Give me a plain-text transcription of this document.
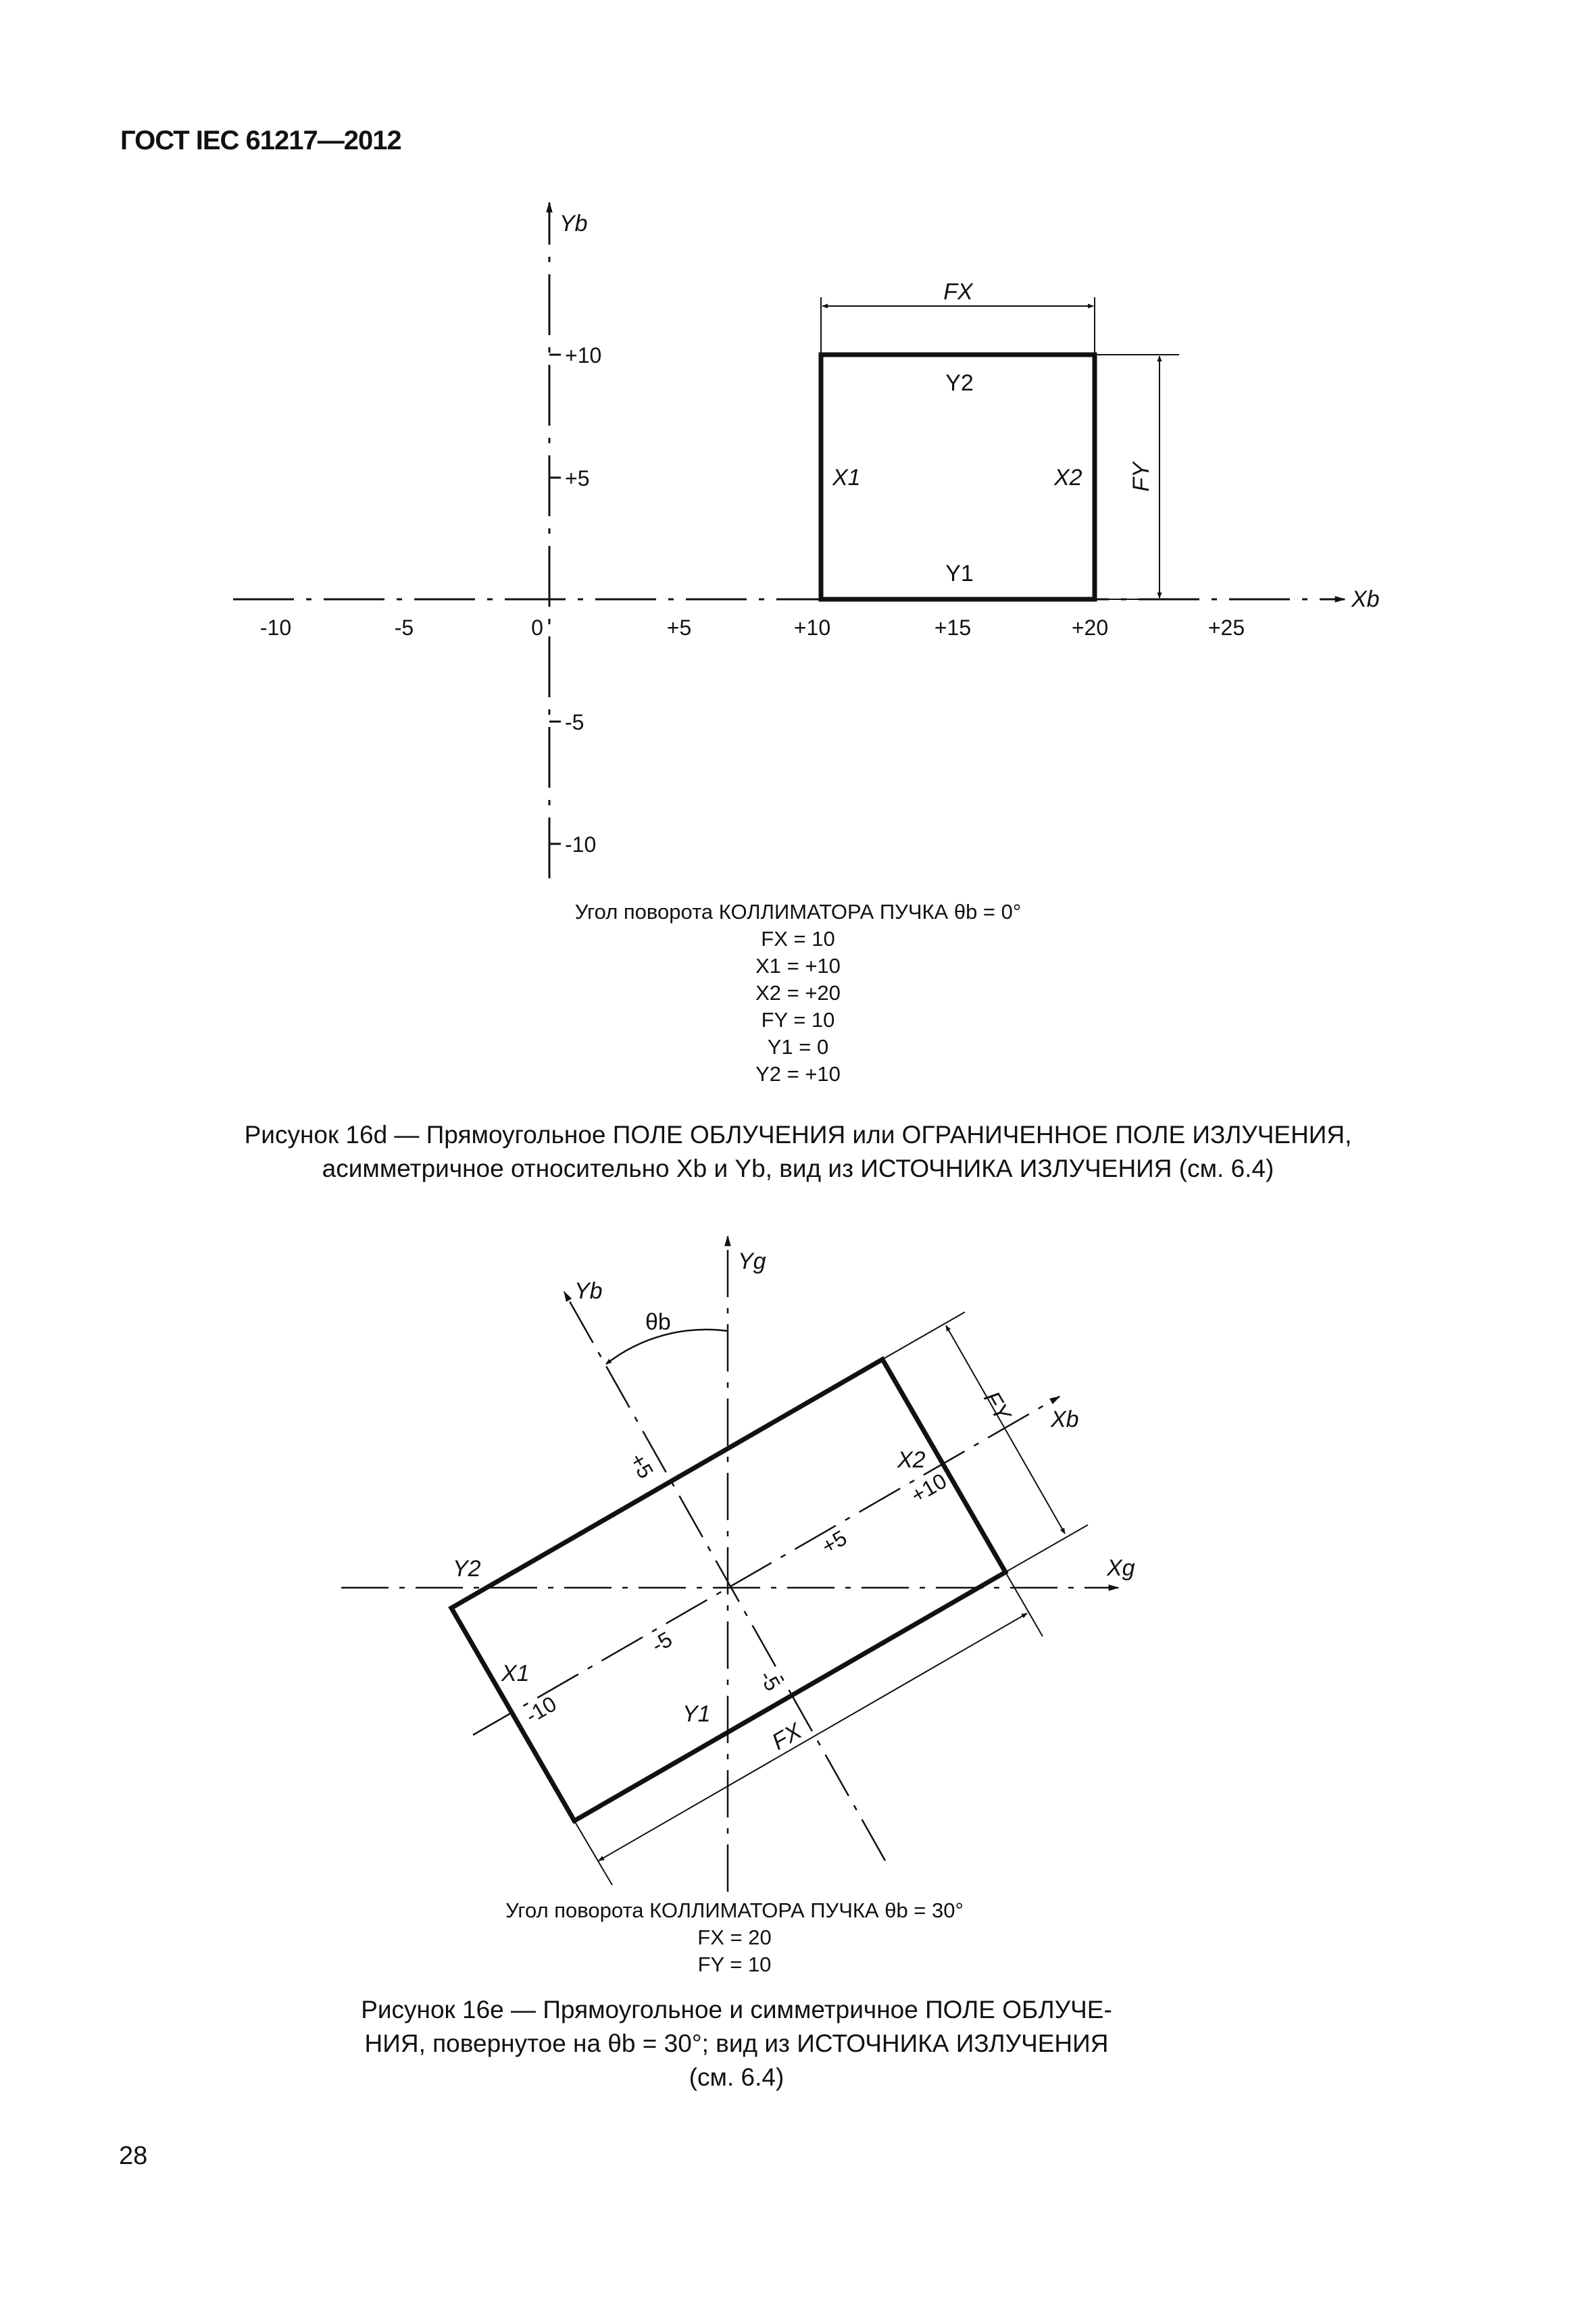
ГОСТ IEC 61217—2012
Yb
Xb
+10
+5
-5
-10
-10	-5	0	+5	+10	+15	+20	+25
FX
FY
Y2
Y1
X1	X2
Yg
Xg
Yb
Xb
θb
FY
FX
Y2
X2
X1
Y1
+5
+10
+5
-5
-10
-5
Угол поворота КОЛЛИМАТОРА ПУЧКА θb = 0°
FX = 10
X1 = +10
X2 = +20
FY = 10
Y1 = 0
Y2 = +10
Рисунок 16d — Прямоугольное ПОЛЕ ОБЛУЧЕНИЯ или ОГРАНИЧЕННОЕ ПОЛЕ ИЗЛУЧЕНИЯ,
асимметричное относительно Xb и Yb, вид из ИСТОЧНИКА ИЗЛУЧЕНИЯ (см. 6.4)
Угол поворота КОЛЛИМАТОРА ПУЧКА θb = 30°
FX = 20
FY = 10
Рисунок 16е — Прямоугольное и симметричное ПОЛЕ ОБЛУЧЕ-
НИЯ, повернутое на θb = 30°; вид из ИСТОЧНИКА ИЗЛУЧЕНИЯ
(см. 6.4)
28
